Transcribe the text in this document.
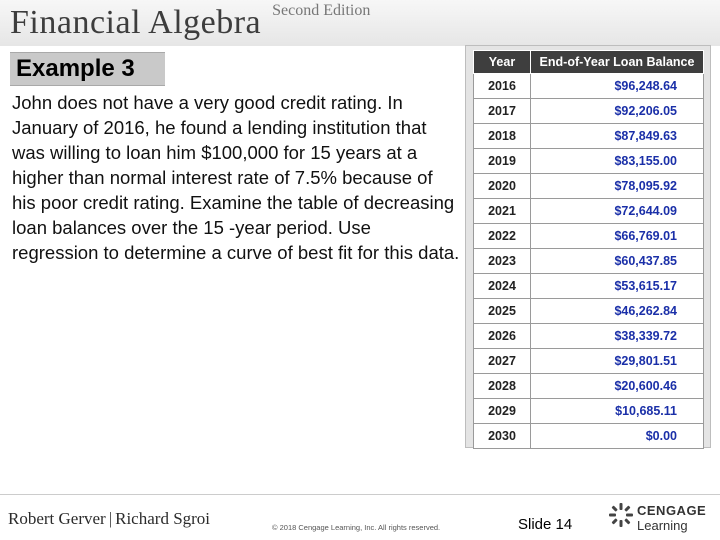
Financial Algebra $^{Second Edition}$
Example 3
John does not have a very good credit rating. In January of 2016, he found a lending institution that was willing to loan him $100,000 for 15 years at a higher than normal interest rate of 7.5% because of his poor credit rating. Examine the table of decreasing loan balances over the 15 -year period. Use regression to determine a curve of best fit for this data.
Year	End-of-Year Loan Balance
2016	$96,248.64
2017	$92,206.05
2018	$87,849.63
2019	$83,155.00
2020	$78,095.92
2021	$72,644.09
2022	$66,769.01
2023	$60,437.85
2024	$53,615.17
2025	$46,262.84
2026	$38,339.72
2027	$29,801.51
2028	$20,600.46
2029	$10,685.11
2030	$0.00
Robert Gerver | Richard Sgroi	© 2018 Cengage Learning, Inc. All rights reserved.	Slide 14
CENGAGE
Learning
